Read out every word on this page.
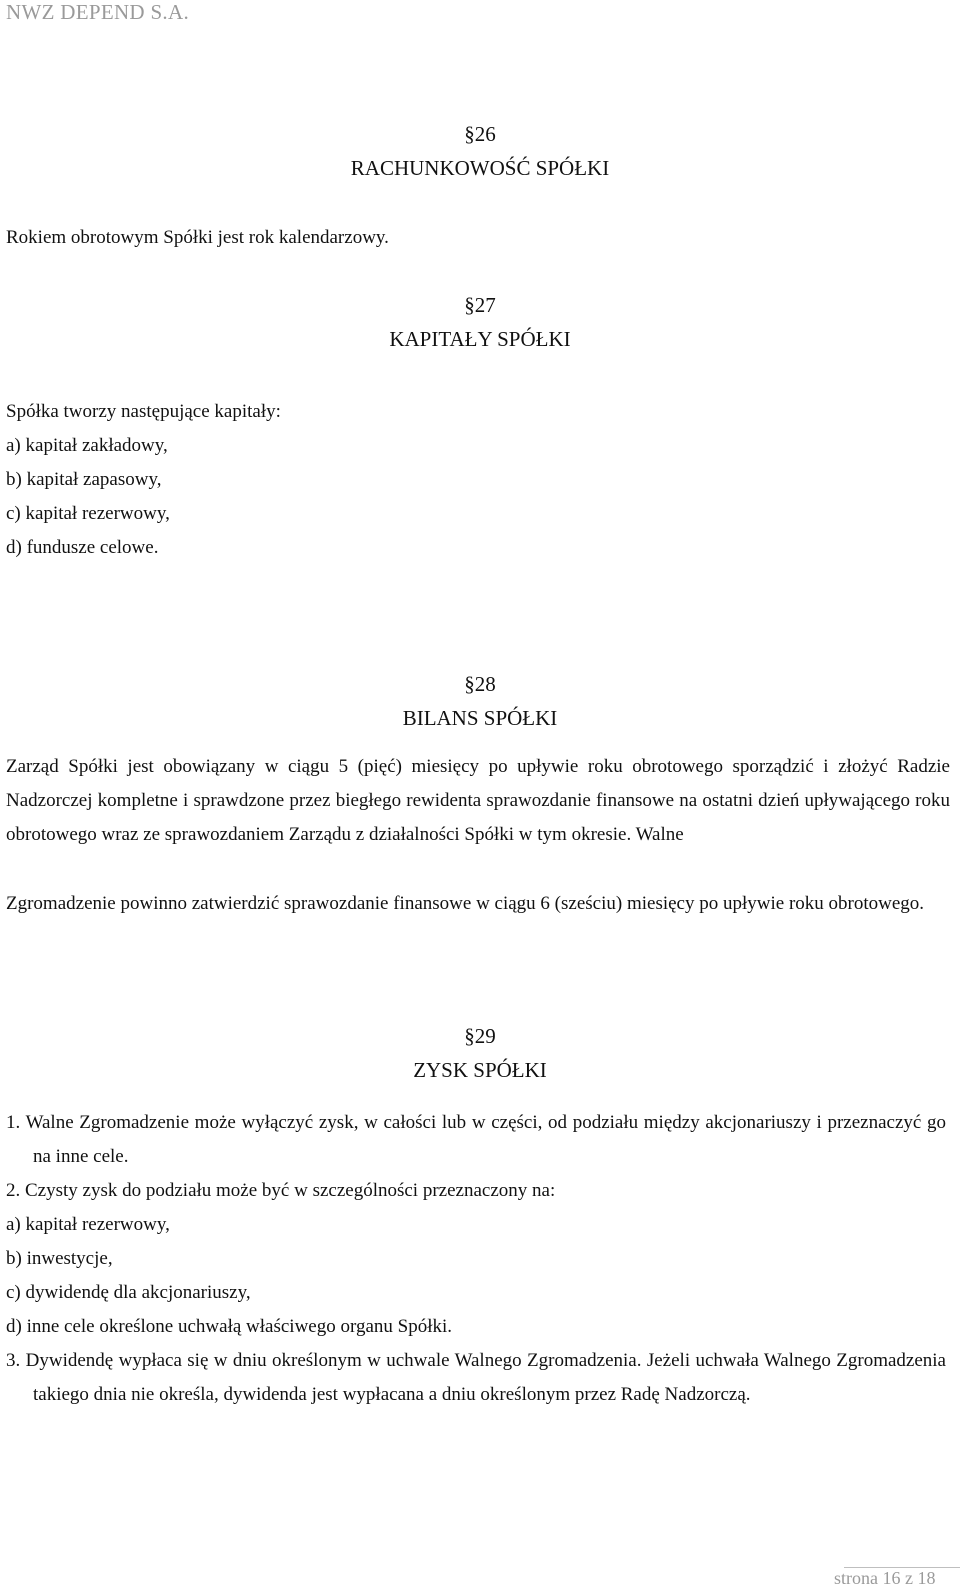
NWZ DEPEND S.A.
§26
RACHUNKOWOŚĆ SPÓŁKI

Rokiem obrotowym Spółki jest rok kalendarzowy.

§27
KAPITAŁY SPÓŁKI

Spółka tworzy następujące kapitały:

a) kapitał zakładowy,
b) kapitał zapasowy,
c) kapitał rezerwowy,
d) fundusze celowe.
§28
BILANS SPÓŁKI

Zarząd Spółki jest obowiązany w ciągu 5 (pięć) miesięcy po upływie roku obrotowego sporządzić i złożyć Radzie Nadzorczej kompletne i sprawdzone przez biegłego rewidenta sprawozdanie finansowe na ostatni dzień upływającego roku obrotowego wraz ze sprawozdaniem Zarządu z działalności Spółki w tym okresie. Walne

Zgromadzenie powinno zatwierdzić sprawozdanie finansowe w ciągu 6 (sześciu) miesięcy po upływie roku obrotowego.

§29
ZYSK SPÓŁKI
1. Walne Zgromadzenie może wyłączyć zysk, w całości lub w części, od podziału między akcjonariuszy i przeznaczyć go na inne cele.
2. Czysty zysk do podziału może być w szczególności przeznaczony na:
a) kapitał rezerwowy,
b) inwestycje,
c) dywidendę dla akcjonariuszy,
d) inne cele określone uchwałą właściwego organu Spółki.
3. Dywidendę wypłaca się w dniu określonym w uchwale Walnego Zgromadzenia. Jeżeli uchwała Walnego Zgromadzenia takiego dnia nie określa, dywidenda jest wypłacana a dniu określonym przez Radę Nadzorczą.
strona 16 z 18
